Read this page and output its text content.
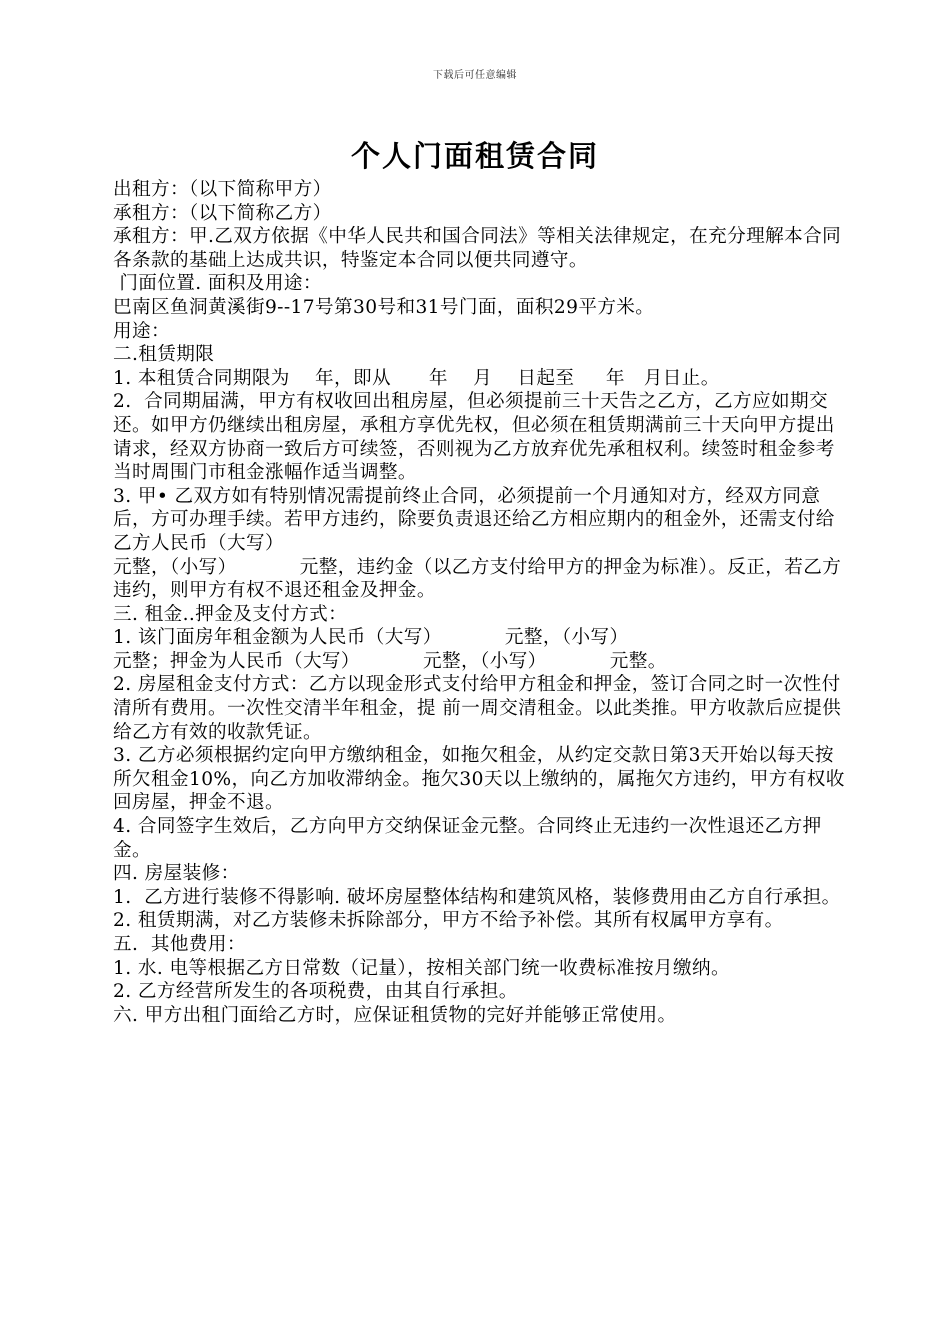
下载后可任意编辑
个人门面租赁合同

出租方：（以下简称甲方）

承租方：（以下简称乙方）

承租方：甲.乙双方依据《中华人民共和国合同法》等相关法律规定，在充分理解本合同各条款的基础上达成共识，特鉴定本合同以便共同遵守。

门面位置. 面积及用途：

巴南区鱼洞黄溪街9--17号第30号和31号门面，面积29平方米。

用途：

二.租赁期限

1. 本租赁合同期限为    年，即从      年    月    日起至     年   月日止。

2.  合同期届满，甲方有权收回出租房屋，但必须提前三十天告之乙方，乙方应如期交还。如甲方仍继续出租房屋，承租方享优先权，但必须在租赁期满前三十天向甲方提出请求，经双方协商一致后方可续签，否则视为乙方放弃优先承租权利。续签时租金参考当时周围门市租金涨幅作适当调整。

3. 甲• 乙双方如有特别情况需提前终止合同，必须提前一个月通知对方，经双方同意后，方可办理手续。若甲方违约，除要负责退还给乙方相应期内的租金外，还需支付给乙方人民币（大写）

元整，（小写）          元整，违约金（以乙方支付给甲方的押金为标准）。反正，若乙方违约，则甲方有权不退还租金及押金。

三. 租金..押金及支付方式：

1. 该门面房年租金额为人民币（大写）          元整，（小写）

元整；押金为人民币（大写）          元整，（小写）          元整。

2. 房屋租金支付方式：乙方以现金形式支付给甲方租金和押金，签订合同之时一次性付清所有费用。一次性交清半年租金，提 前一周交清租金。以此类推。甲方收款后应提供给乙方有效的收款凭证。

3. 乙方必须根据约定向甲方缴纳租金，如拖欠租金，从约定交款日第3天开始以每天按所欠租金10%，向乙方加收滞纳金。拖欠30天以上缴纳的，属拖欠方违约，甲方有权收回房屋，押金不退。

4. 合同签字生效后，乙方向甲方交纳保证金元整。合同终止无违约一次性退还乙方押金。

四. 房屋装修：

1.  乙方进行装修不得影响. 破坏房屋整体结构和建筑风格，装修费用由乙方自行承担。

2. 租赁期满，对乙方装修未拆除部分，甲方不给予补偿。其所有权属甲方享有。

五.  其他费用：

1. 水. 电等根据乙方日常数（记量），按相关部门统一收费标准按月缴纳。

2. 乙方经营所发生的各项税费，由其自行承担。

六. 甲方出租门面给乙方时，应保证租赁物的完好并能够正常使用。
